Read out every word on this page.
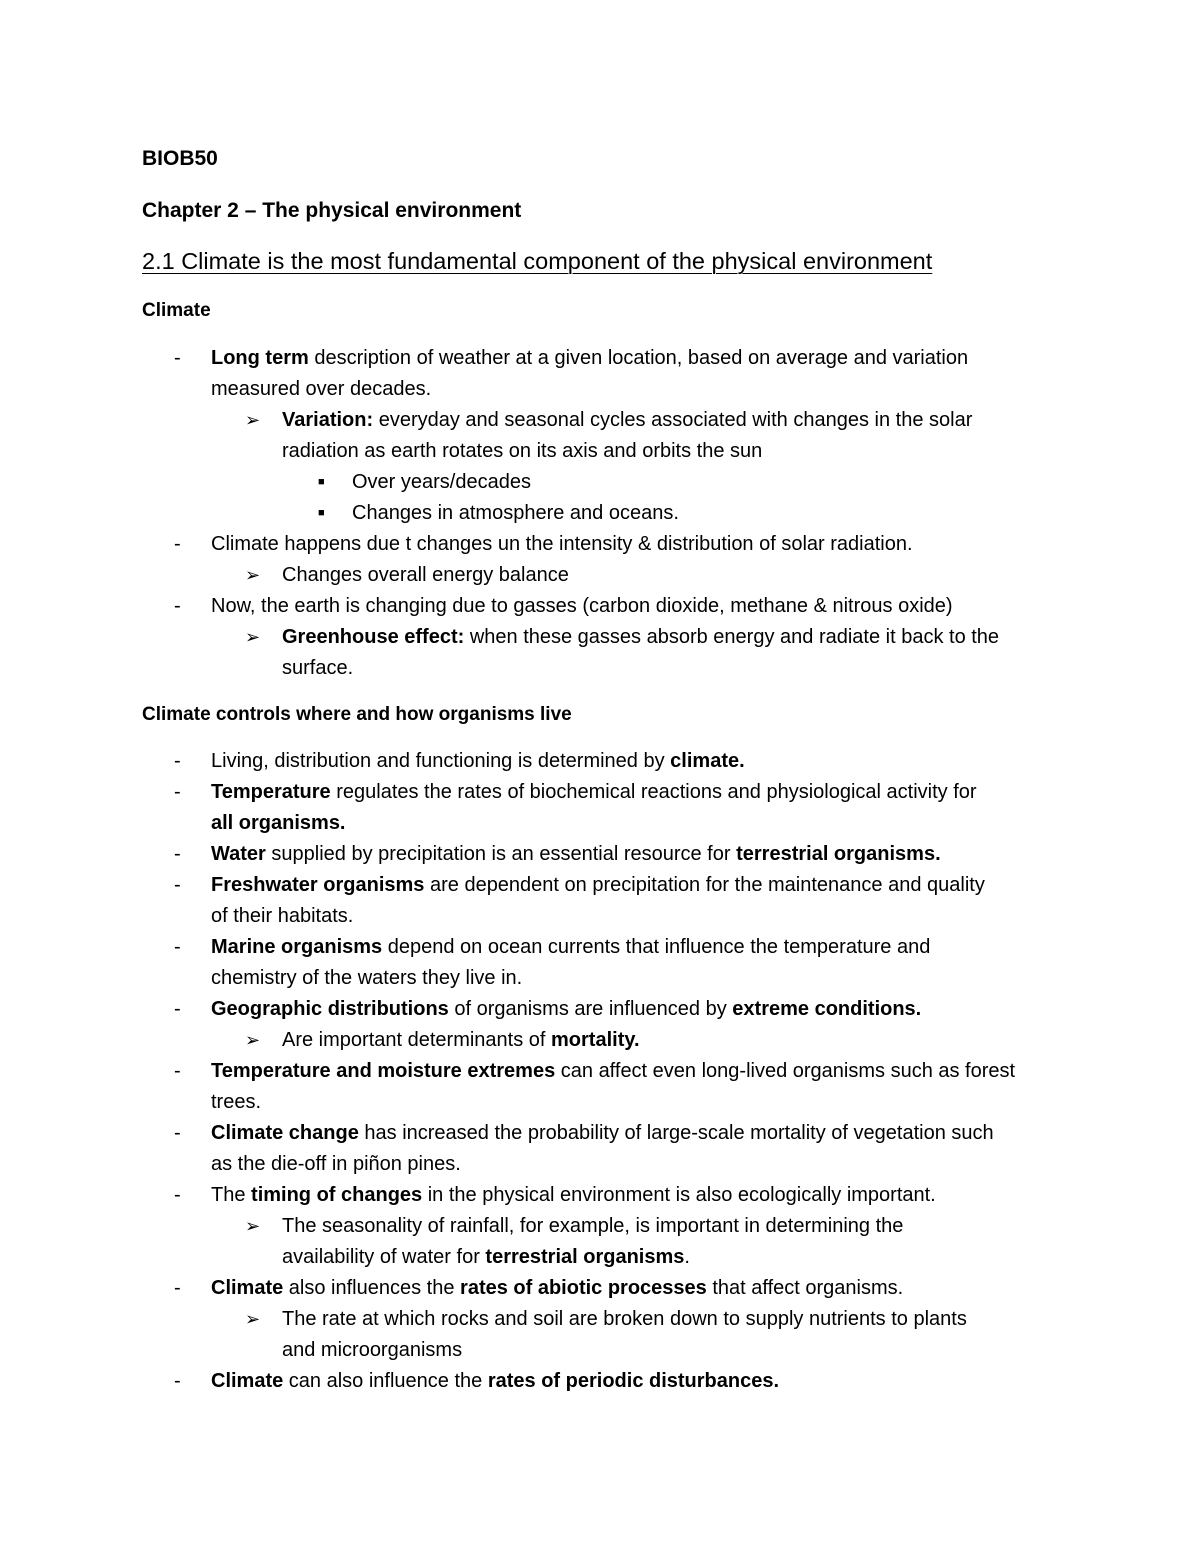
BIOB50
Chapter 2 – The physical environment
2.1 Climate is the most fundamental component of the physical environment
Climate
- Long term description of weather at a given location, based on average and variation
measured over decades.
➢ Variation: everyday and seasonal cycles associated with changes in the solar
radiation as earth rotates on its axis and orbits the sun
■ Over years/decades
■ Changes in atmosphere and oceans.
- Climate happens due t changes un the intensity & distribution of solar radiation.
➢ Changes overall energy balance
- Now, the earth is changing due to gasses (carbon dioxide, methane & nitrous oxide)
➢ Greenhouse effect: when these gasses absorb energy and radiate it back to the
surface.
Climate controls where and how organisms live
- Living, distribution and functioning is determined by climate.
- Temperature regulates the rates of biochemical reactions and physiological activity for
all organisms.
- Water supplied by precipitation is an essential resource for terrestrial organisms.
- Freshwater organisms are dependent on precipitation for the maintenance and quality
of their habitats.
- Marine organisms depend on ocean currents that influence the temperature and
chemistry of the waters they live in.
- Geographic distributions of organisms are influenced by extreme conditions.
➢ Are important determinants of mortality.
- Temperature and moisture extremes can affect even long-lived organisms such as forest
trees.
- Climate change has increased the probability of large-scale mortality of vegetation such
as the die-off in piñon pines.
- The timing of changes in the physical environment is also ecologically important.
➢ The seasonality of rainfall, for example, is important in determining the
availability of water for terrestrial organisms.
- Climate also influences the rates of abiotic processes that affect organisms.
➢ The rate at which rocks and soil are broken down to supply nutrients to plants
and microorganisms
- Climate can also influence the rates of periodic disturbances.
